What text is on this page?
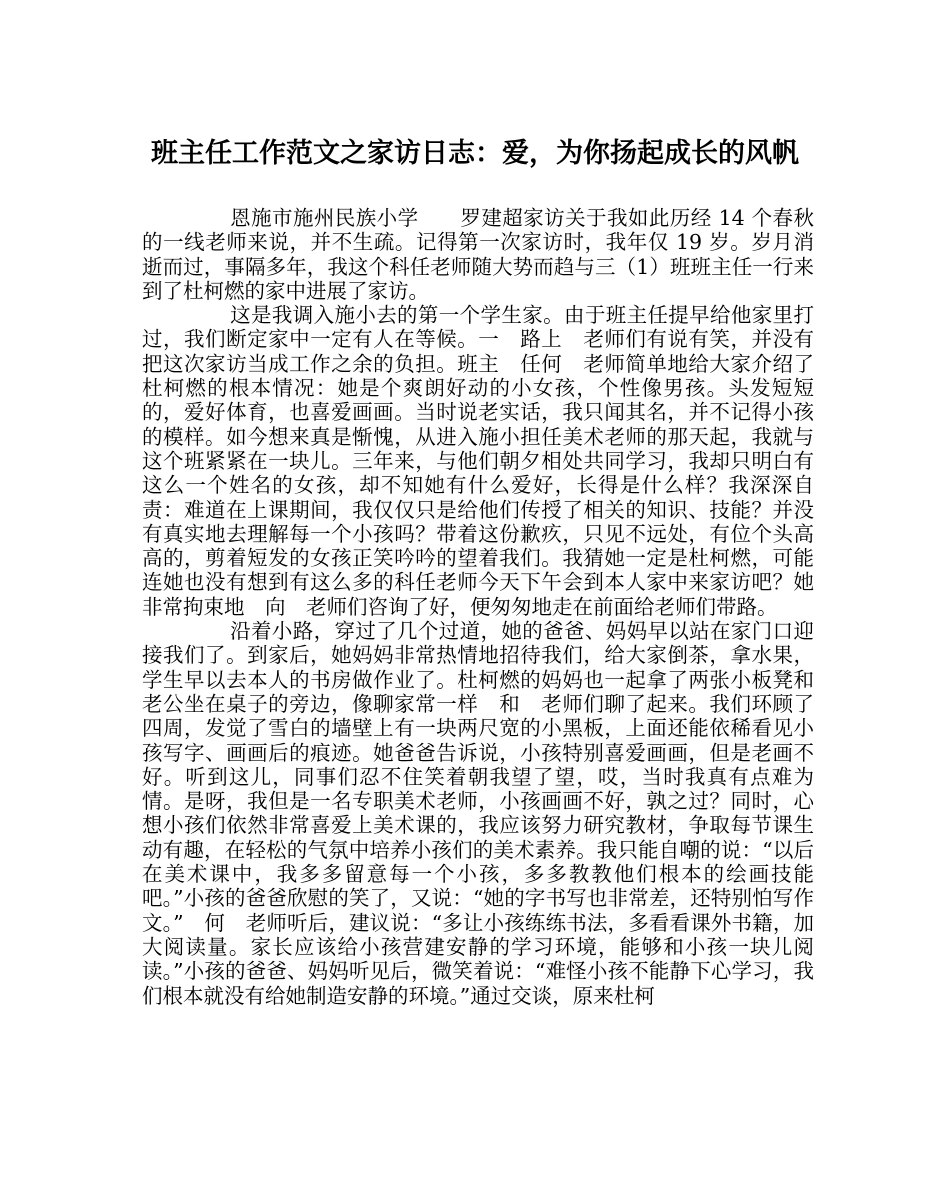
班主任工作范文之家访日志：爱，为你扬起成长的风帆

恩施市施州民族小学　　罗建超家访关于我如此历经 14 个春秋的一线老师来说，并不生疏。记得第一次家访时，我年仅 19 岁。岁月消逝而过，事隔多年，我这个科任老师随大势而趋与三（1）班班主任一行来到了杜柯燃的家中进展了家访。

这是我调入施小去的第一个学生家。由于班主任提早给他家里打过，我们断定家中一定有人在等候。一　路上　老师们有说有笑，并没有把这次家访当成工作之余的负担。班主　任何　老师简单地给大家介绍了杜柯燃的根本情况：她是个爽朗好动的小女孩，个性像男孩。头发短短的，爱好体育，也喜爱画画。当时说老实话，我只闻其名，并不记得小孩的模样。如今想来真是惭愧，从进入施小担任美术老师的那天起，我就与这个班紧紧在一块儿。三年来，与他们朝夕相处共同学习，我却只明白有这么一个姓名的女孩，却不知她有什么爱好，长得是什么样？我深深自责：难道在上课期间，我仅仅只是给他们传授了相关的知识、技能？并没有真实地去理解每一个小孩吗？带着这份歉疚，只见不远处，有位个头高高的，剪着短发的女孩正笑吟吟的望着我们。我猜她一定是杜柯燃，可能连她也没有想到有这么多的科任老师今天下午会到本人家中来家访吧？她非常拘束地　向　老师们咨询了好，便匆匆地走在前面给老师们带路。

沿着小路，穿过了几个过道，她的爸爸、妈妈早以站在家门口迎接我们了。到家后，她妈妈非常热情地招待我们，给大家倒茶，拿水果，学生早以去本人的书房做作业了。杜柯燃的妈妈也一起拿了两张小板凳和老公坐在桌子的旁边，像聊家常一样　和　老师们聊了起来。我们环顾了四周，发觉了雪白的墙壁上有一块两尺宽的小黑板，上面还能依稀看见小孩写字、画画后的痕迹。她爸爸告诉说，小孩特别喜爱画画，但是老画不好。听到这儿，同事们忍不住笑着朝我望了望，哎，当时我真有点难为情。是呀，我但是一名专职美术老师，小孩画画不好，孰之过？同时，心想小孩们依然非常喜爱上美术课的，我应该努力研究教材，争取每节课生动有趣，在轻松的气氛中培养小孩们的美术素养。我只能自嘲的说：“以后在美术课中，我多多留意每一个小孩，多多教教他们根本的绘画技能吧。”小孩的爸爸欣慰的笑了，又说：“她的字书写也非常差，还特别怕写作文。”　何　老师听后，建议说：“多让小孩练练书法，多看看课外书籍，加大阅读量。家长应该给小孩营建安静的学习环境，能够和小孩一块儿阅读。”小孩的爸爸、妈妈听见后，微笑着说：“难怪小孩不能静下心学习，我们根本就没有给她制造安静的环境。”通过交谈，原来杜柯
